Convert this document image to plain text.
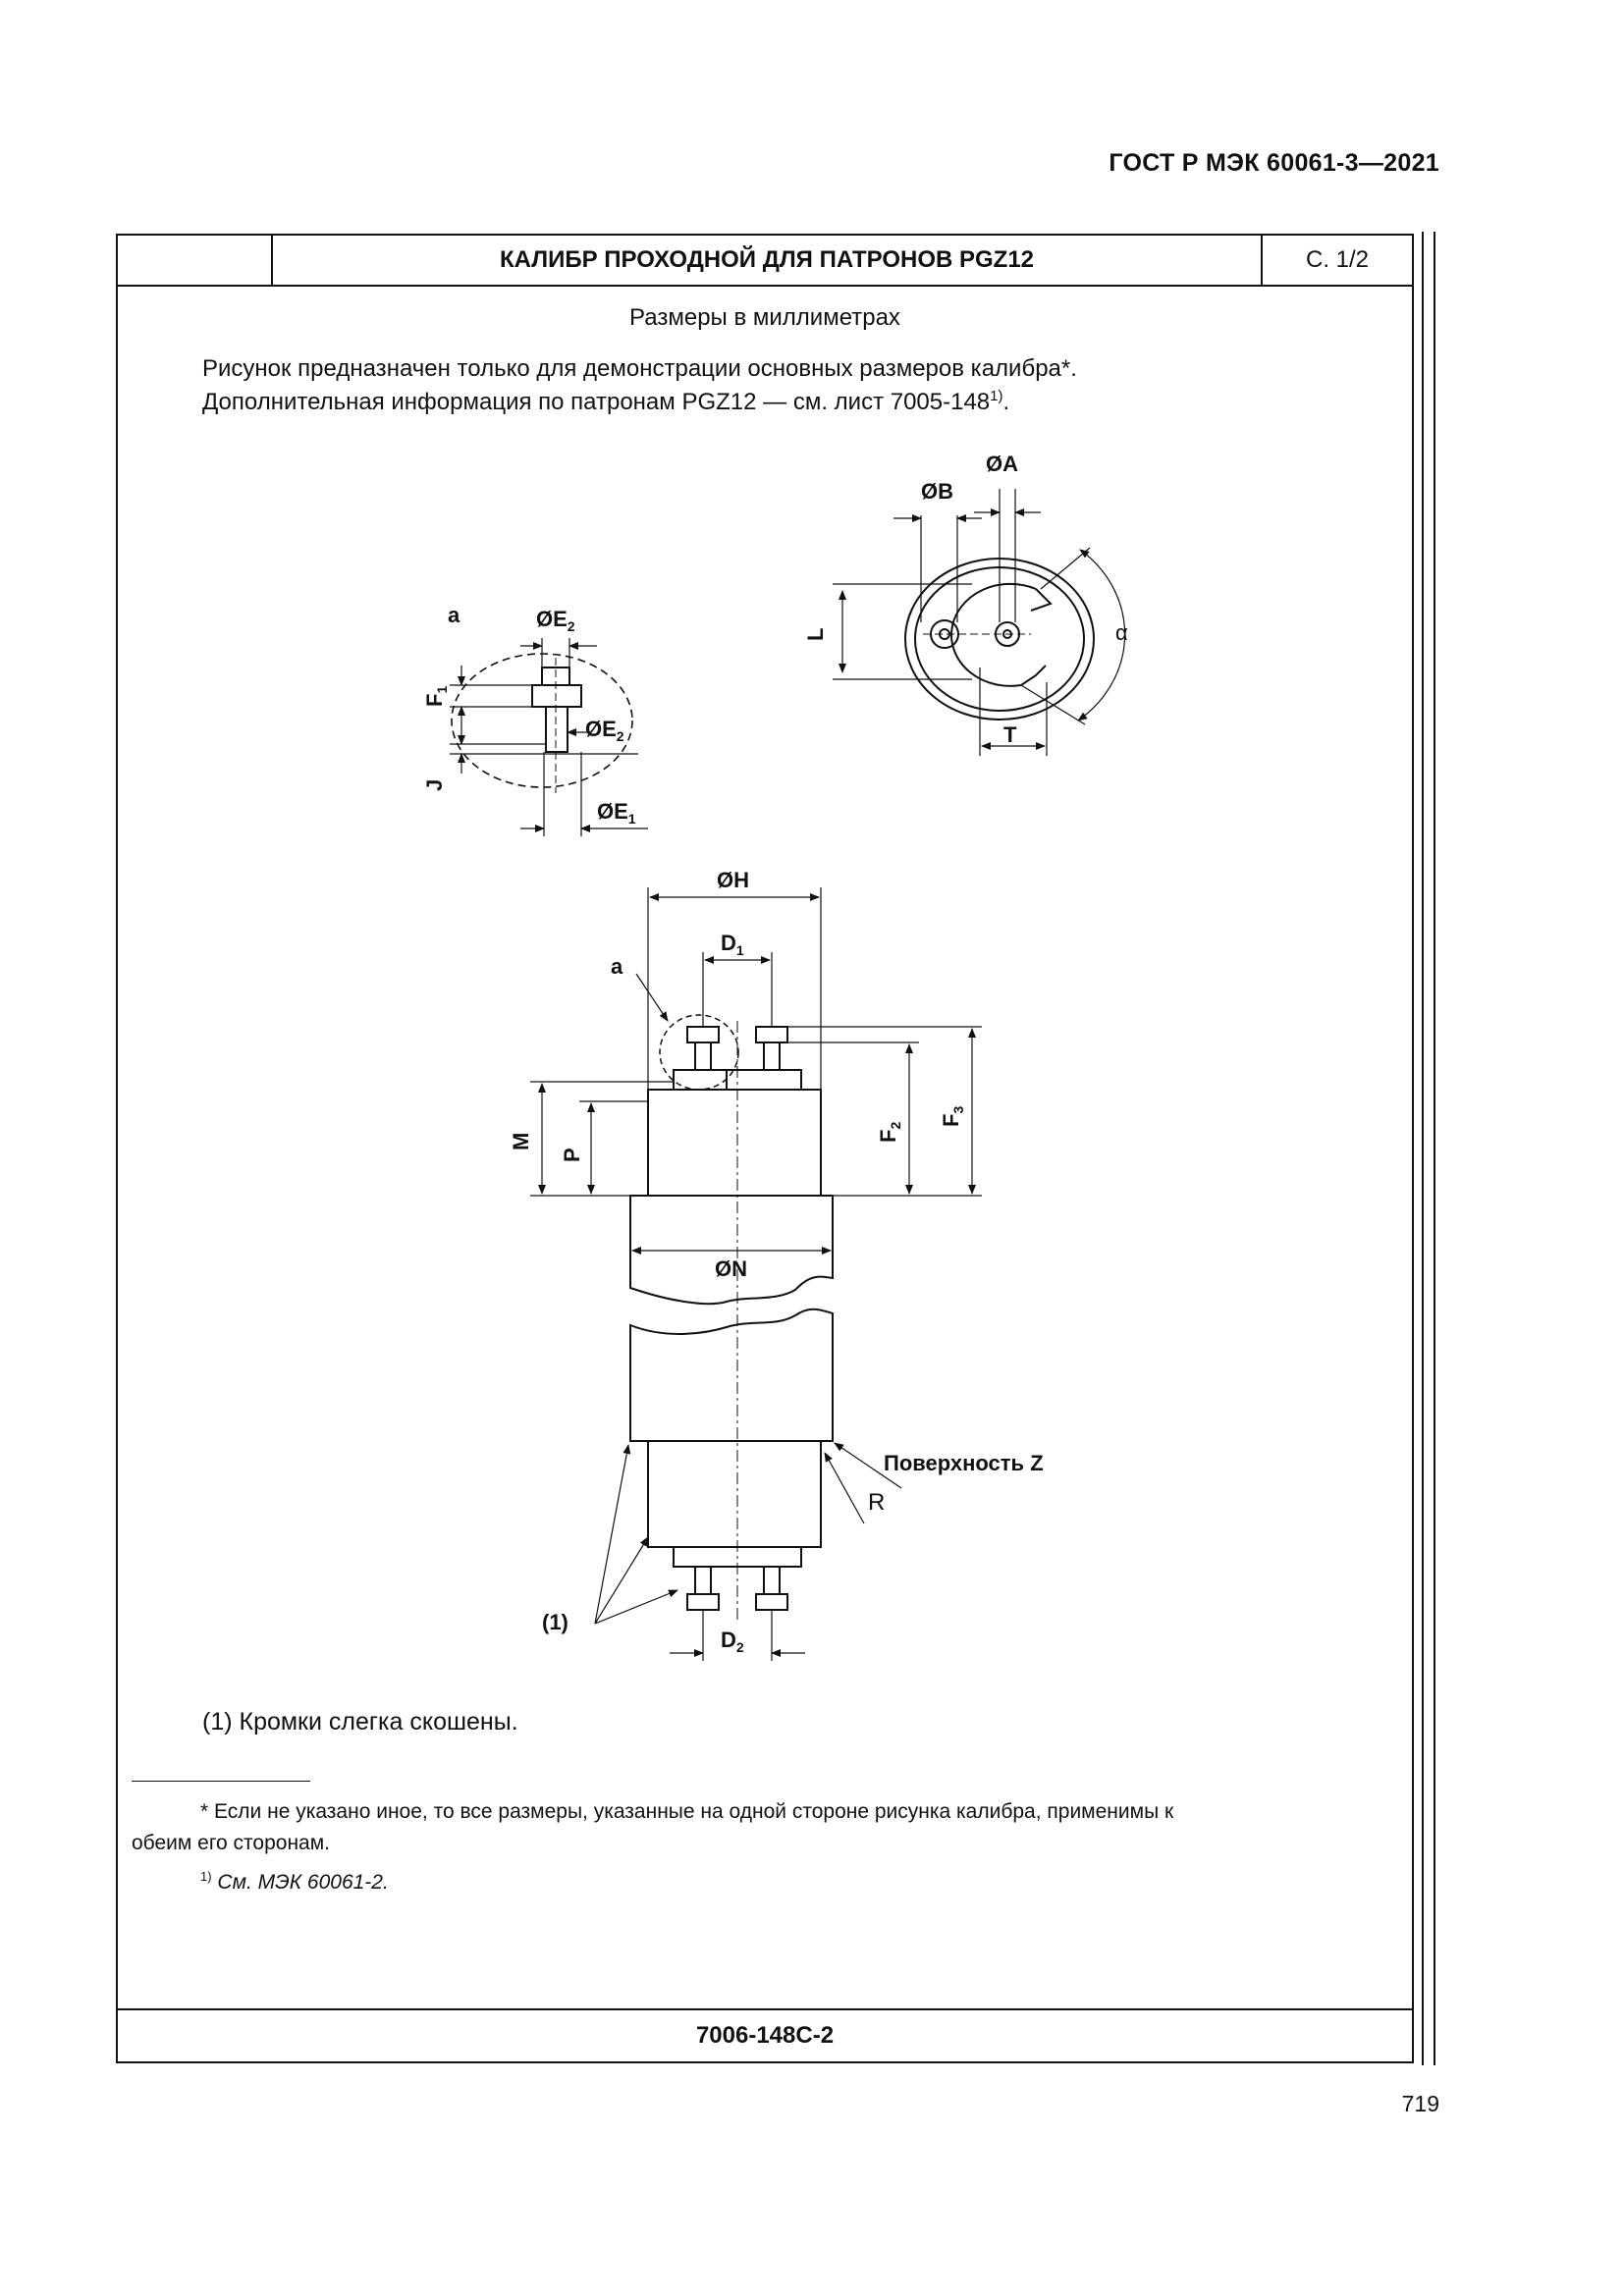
ГОСТ Р МЭК 60061-3—2021
КАЛИБР ПРОХОДНОЙ ДЛЯ ПАТРОНОВ PGZ12	С. 1/2
Размеры в миллиметрах
Рисунок предназначен только для демонстрации основных размеров калибра*.
Дополнительная информация по патронам PGZ12 — см. лист 7005-148$^{1)}$.
ØA
ØB
L	α
T
a	$ØE_2$
$F_1$
$ØE_2$
J
$ØE_1$
ØH
$D_1$
a
M
P
$F_2$ $F_3$
ØN
Поверхность Z
R
(1)
$D_2$
(1) Кромки слегка скошены.
* Если не указано иное, то все размеры, указанные на одной стороне рисунка калибра, применимы к
обеим его сторонам.
$^{1)}$ См. МЭК 60061-2.
7006-148С-2
719
